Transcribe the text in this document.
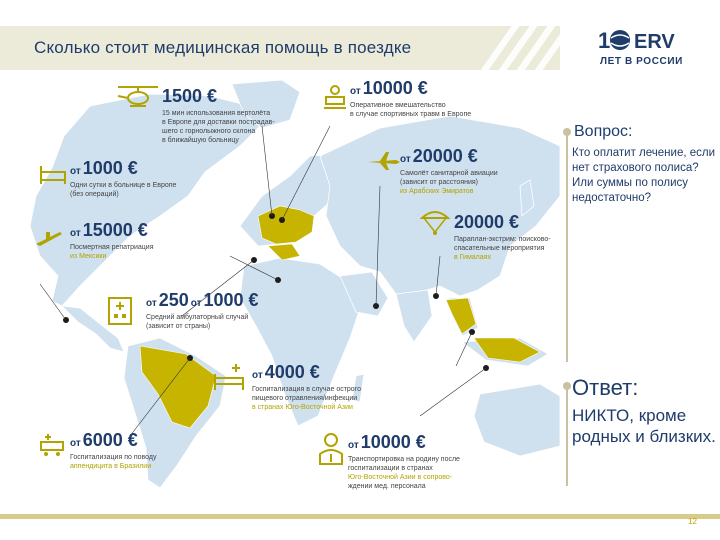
Сколько стоит медицинская помощь в поездке	1 ERV
ЛЕТ В РОССИИ
1500 €
15 мин использования вертолёта
в Европе для доставки пострадав-
шего с горнолыжного склона
в ближайшую больницу
от 10000 €
Оперативное вмешательство
в случае спортивных травм в Европе
от 1000 €
Одни сутки в больнице в Европе
(без операций)
от 20000 €
Самолёт санитарной авиации
(зависит от расстояния)
из Арабских Эмиратов
от 15000 €
Посмертная репатриация
из Мексики
20000 €
Параплан-экстрим: поисково-
спасательные мероприятия
в Гималаях
от 250 от 1000 €
Средний амбулаторный случай
(зависит от страны)
от 4000 €
Госпитализация в случае острого
пищевого отравления/инфекции
в странах Юго-Восточной Азии
от 6000 €
Госпитализация по поводу
аппендицита в Бразилии
от 10000 €
Транспортировка на родину после
госпитализации в странах
Юго-Восточной Азии в сопрово-
ждении мед. персонала
Вопрос:
Кто оплатит лечение, если нет страхового полиса? Или суммы по полису недостаточно?
Ответ:
НИКТО, кроме родных и близких.
12
